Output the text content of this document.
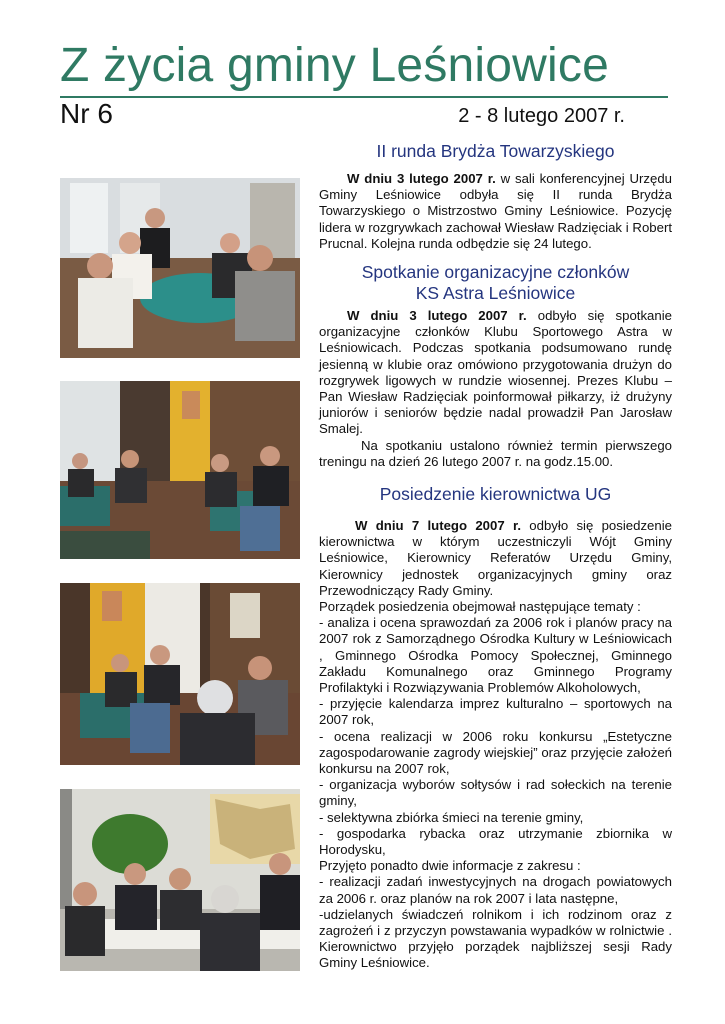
Z życia gminy Leśniowice
Nr 6	2 - 8 lutego 2007 r.
II runda Brydża Towarzyskiego

W dniu 3 lutego 2007 r. w sali konferencyjnej Urzędu Gminy Leśniowice odbyła się II runda Brydża Towarzyskiego o Mistrzostwo Gminy Leśniowice. Pozycję lidera w rozgrywkach zachował Wiesław Radzięciak i Robert Prucnal. Kolejna runda odbędzie się 24 lutego.

Spotkanie organizacyjne członków
KS Astra Leśniowice

W dniu 3 lutego 2007 r. odbyło się spotkanie organizacyjne członków Klubu Sportowego Astra w Leśniowicach. Podczas spotkania podsumowano rundę jesienną w klubie oraz omówiono przygotowania drużyn do rozgrywek ligowych w rundzie wiosennej. Prezes Klubu – Pan Wiesław Radzięciak poinformował piłkarzy, iż drużyny juniorów i seniorów będzie nadal prowadził Pan Jarosław Smalej.

Na spotkaniu ustalono również termin pierwszego treningu na dzień 26 lutego 2007 r. na godz.15.00.

Posiedzenie kierownictwa UG

W dniu 7 lutego 2007 r. odbyło się posiedzenie kierownictwa w którym uczestniczyli Wójt Gminy Leśniowice, Kierownicy Referatów Urzędu Gminy, Kierownicy jednostek organizacyjnych gminy oraz Przewodniczący Rady Gminy.

Porządek posiedzenia obejmował następujące tematy :

- analiza i ocena sprawozdań za 2006 rok i planów pracy na 2007 rok z Samorządnego Ośrodka Kultury w Leśniowicach , Gminnego Ośrodka Pomocy Społecznej, Gminnego Zakładu Komunalnego oraz Gminnego Programy Profilaktyki i Rozwiązywania Problemów Alkoholowych,

- przyjęcie kalendarza imprez kulturalno – sportowych na 2007 rok,

- ocena realizacji w 2006 roku konkursu „Estetyczne zagospodarowanie zagrody wiejskiej” oraz przyjęcie założeń konkursu na 2007 rok,

- organizacja wyborów sołtysów i rad sołeckich na terenie gminy,

- selektywna zbiórka śmieci na terenie gminy,

- gospodarka rybacka oraz utrzymanie zbiornika w Horodysku,

Przyjęto ponadto dwie informacje z zakresu :

- realizacji zadań inwestycyjnych na drogach powiatowych za 2006 r. oraz planów na rok 2007 i lata następne,

-udzielanych świadczeń rolnikom i ich rodzinom oraz z zagrożeń i z przyczyn powstawania wypadków w rolnictwie . Kierownictwo przyjęło porządek najbliższej sesji Rady Gminy Leśniowice.
